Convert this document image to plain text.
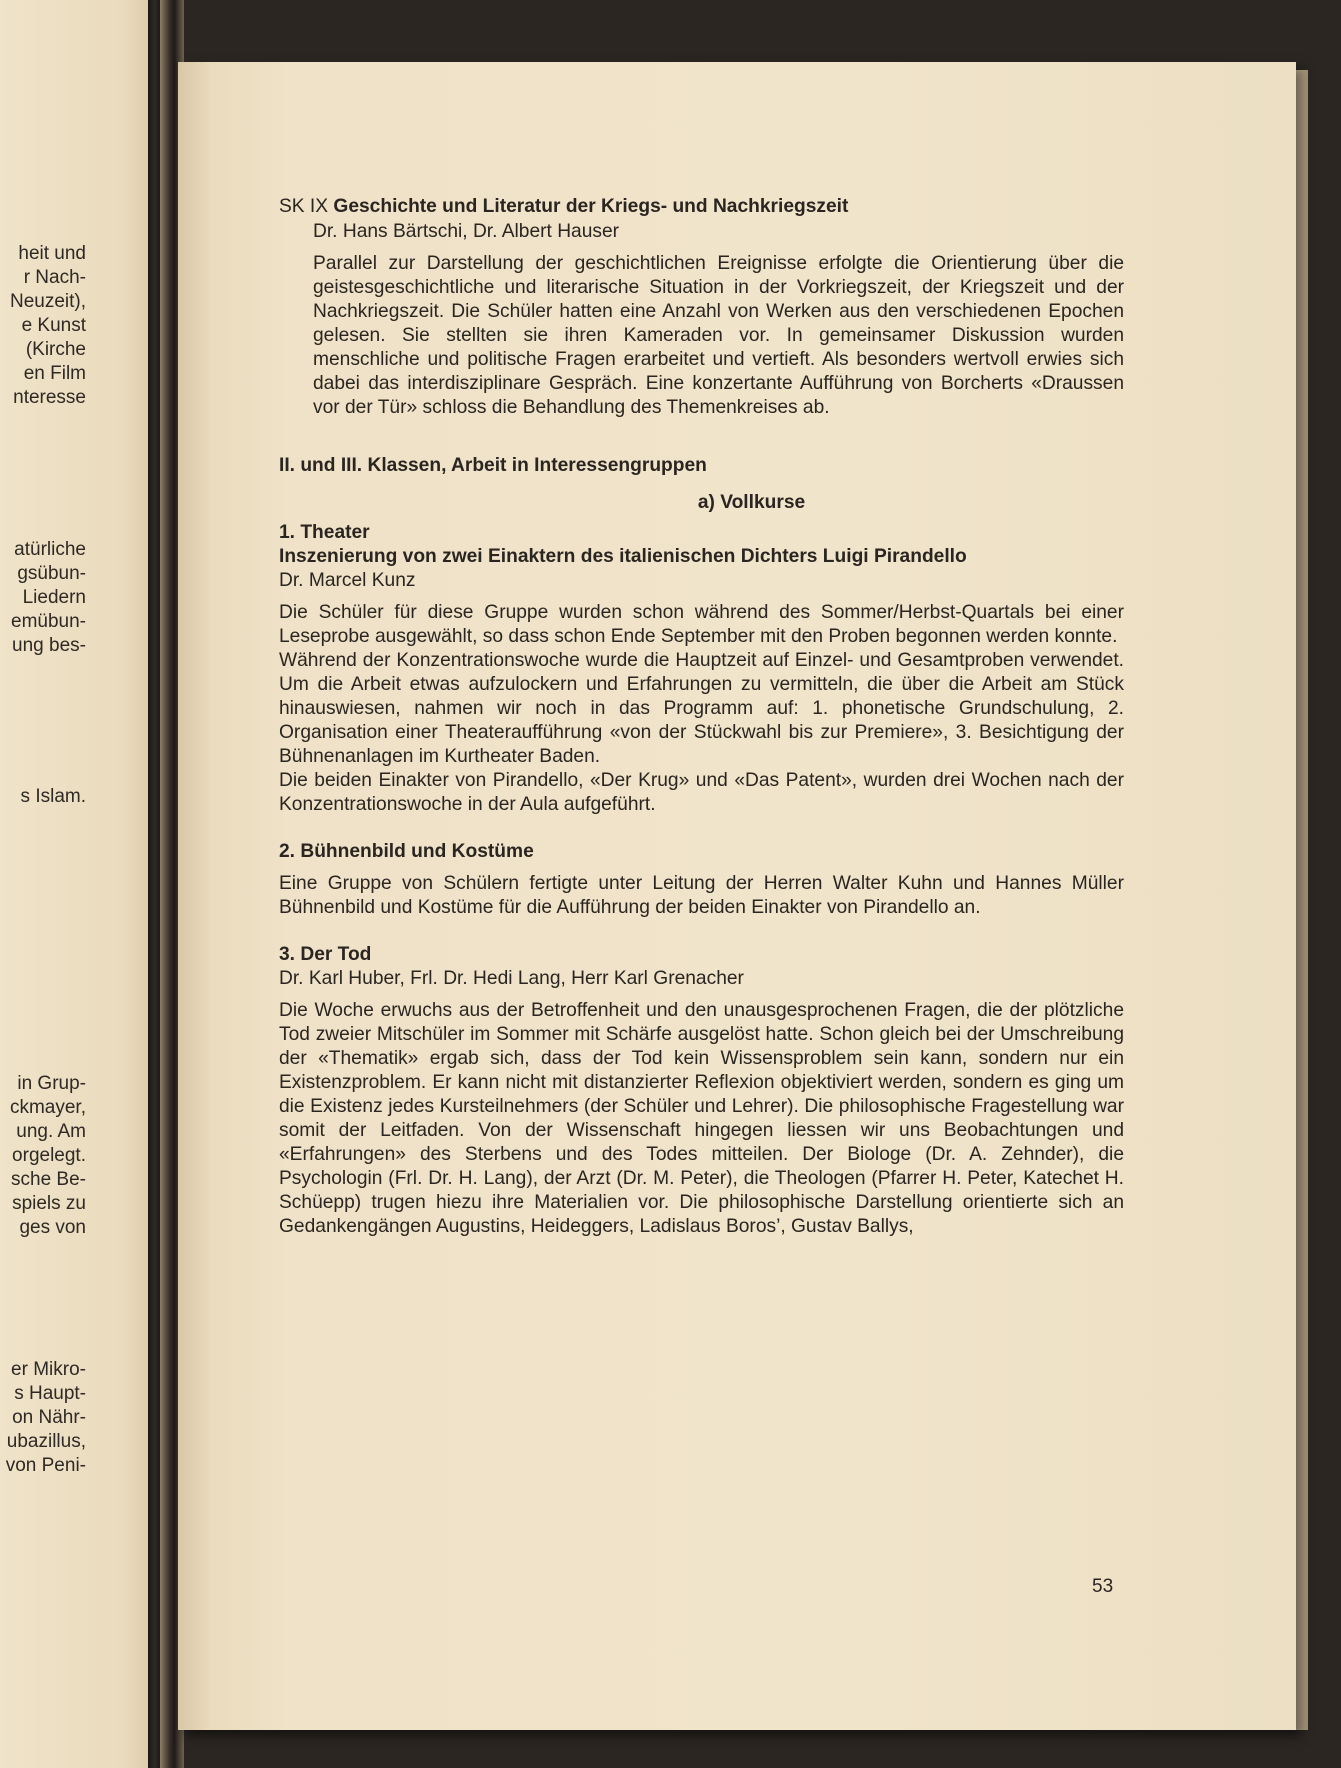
heit und
r Nach-
Neuzeit),
e Kunst
(Kirche
en Film
nteresse
atürliche
gsübun-
Liedern
emübun-
ung bes-
s Islam.
in Grup-
ckmayer,
ung. Am
orgelegt.
sche Be-
spiels zu
ges von
er Mikro-
s Haupt-
on Nähr-
ubazillus,
von Peni-
SK IX Geschichte und Literatur der Kriegs- und Nachkriegszeit
Dr. Hans Bärtschi, Dr. Albert Hauser
Parallel zur Darstellung der geschichtlichen Ereignisse erfolgte die Orientierung über die geistesgeschichtliche und literarische Situation in der Vorkriegszeit, der Kriegszeit und der Nachkriegszeit. Die Schüler hatten eine Anzahl von Werken aus den verschiedenen Epochen gelesen. Sie stellten sie ihren Kameraden vor. In gemeinsamer Diskussion wurden menschliche und politische Fragen erarbeitet und vertieft. Als besonders wertvoll erwies sich dabei das interdisziplinare Gespräch. Eine konzertante Aufführung von Borcherts «Draussen vor der Tür» schloss die Behandlung des Themenkreises ab.
II. und III. Klassen, Arbeit in Interessengruppen
a) Vollkurse
1. Theater
Inszenierung von zwei Einaktern des italienischen Dichters Luigi Pirandello
Dr. Marcel Kunz
Die Schüler für diese Gruppe wurden schon während des Sommer/Herbst-Quartals bei einer Leseprobe ausgewählt, so dass schon Ende September mit den Proben begonnen werden konnte.
Während der Konzentrationswoche wurde die Hauptzeit auf Einzel- und Gesamtproben verwendet. Um die Arbeit etwas aufzulockern und Erfahrungen zu vermitteln, die über die Arbeit am Stück hinauswiesen, nahmen wir noch in das Programm auf: 1. phonetische Grundschulung, 2. Organisation einer Theateraufführung «von der Stückwahl bis zur Premiere», 3. Besichtigung der Bühnenanlagen im Kurtheater Baden.
Die beiden Einakter von Pirandello, «Der Krug» und «Das Patent», wurden drei Wochen nach der Konzentrationswoche in der Aula aufgeführt.
2. Bühnenbild und Kostüme
Eine Gruppe von Schülern fertigte unter Leitung der Herren Walter Kuhn und Hannes Müller Bühnenbild und Kostüme für die Aufführung der beiden Einakter von Pirandello an.
3. Der Tod
Dr. Karl Huber, Frl. Dr. Hedi Lang, Herr Karl Grenacher
Die Woche erwuchs aus der Betroffenheit und den unausgesprochenen Fragen, die der plötzliche Tod zweier Mitschüler im Sommer mit Schärfe ausgelöst hatte. Schon gleich bei der Umschreibung der «Thematik» ergab sich, dass der Tod kein Wissensproblem sein kann, sondern nur ein Existenzproblem. Er kann nicht mit distanzierter Reflexion objektiviert werden, sondern es ging um die Existenz jedes Kursteilnehmers (der Schüler und Lehrer). Die philosophische Fragestellung war somit der Leitfaden. Von der Wissenschaft hingegen liessen wir uns Beobachtungen und «Erfahrungen» des Sterbens und des Todes mitteilen. Der Biologe (Dr. A. Zehnder), die Psychologin (Frl. Dr. H. Lang), der Arzt (Dr. M. Peter), die Theologen (Pfarrer H. Peter, Katechet H. Schüepp) trugen hiezu ihre Materialien vor. Die philosophische Darstellung orientierte sich an Gedankengängen Augustins, Heideggers, Ladislaus Boros’, Gustav Ballys,
53
